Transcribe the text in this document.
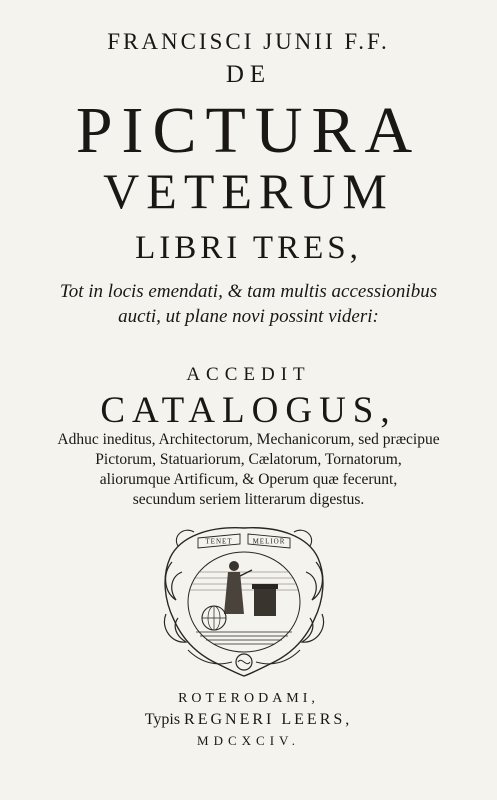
FRANCISCI JUNII F.F.
DE
PICTURA
VETERUM
LIBRI TRES,
Tot in locis emendati, & tam multis accessionibus
aucti, ut plane novi possint videri:
ACCEDIT
CATALOGUS,
Adhuc ineditus, Architectorum, Mechanicorum, sed præcipue
Pictorum, Statuariorum, Cælatorum, Tornatorum,
aliorumque Artificum, & Operum quæ fecerunt,
secundum seriem litterarum digestus.
TENET	MELIOR
ROTERODAMI,
Typis REGNERI LEERS,
MDCXCIV.
